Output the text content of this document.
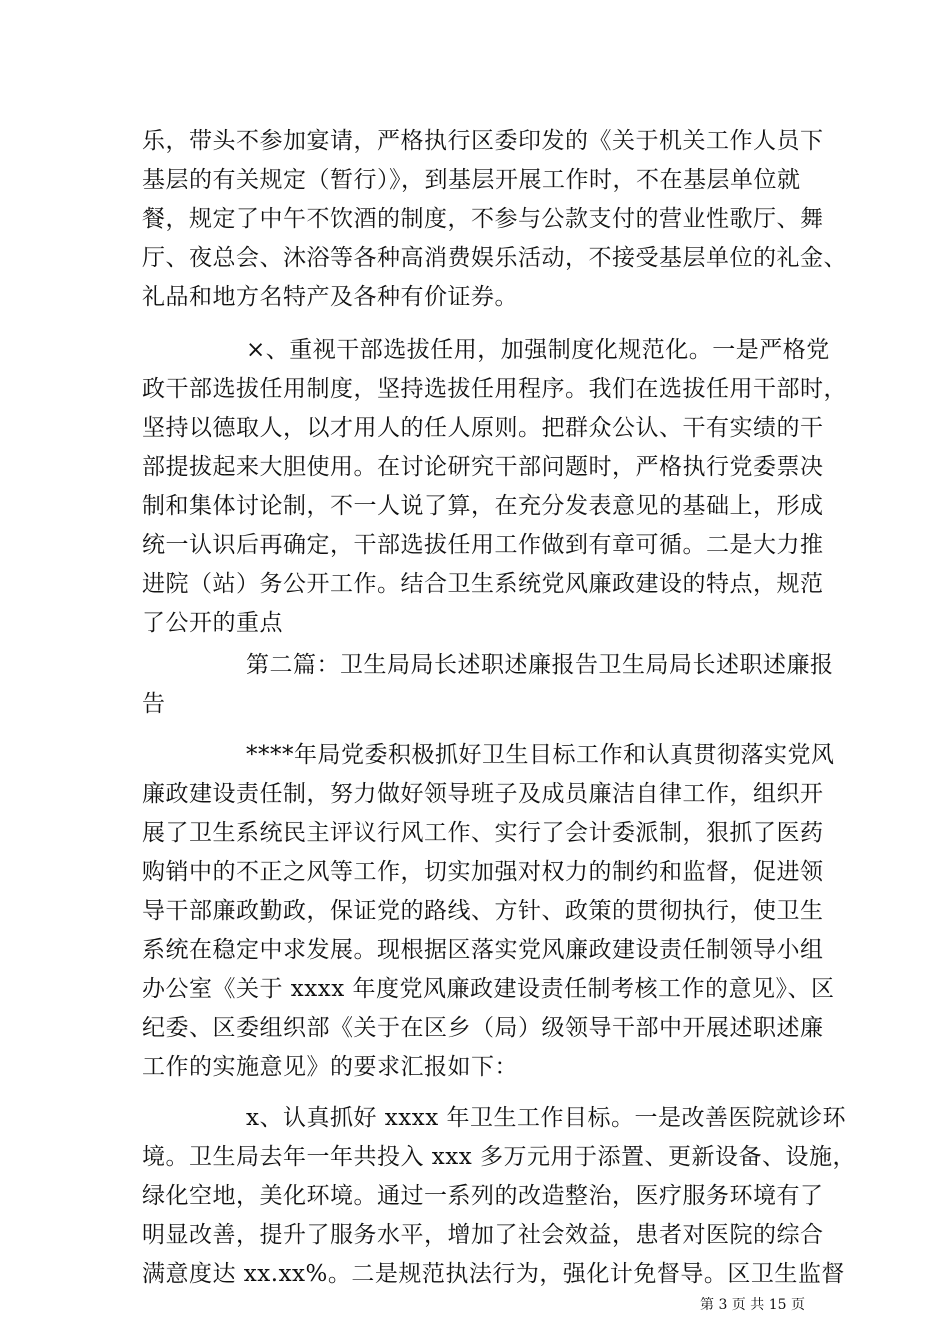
乐，带头不参加宴请，严格执行区委印发的《关于机关工作人员下
基层的有关规定（暂行）》，到基层开展工作时，不在基层单位就
餐，规定了中午不饮酒的制度，不参与公款支付的营业性歌厅、舞
厅、夜总会、沐浴等各种高消费娱乐活动，不接受基层单位的礼金、
礼品和地方名特产及各种有价证券。
×、重视干部选拔任用，加强制度化规范化。一是严格党
政干部选拔任用制度，坚持选拔任用程序。我们在选拔任用干部时，
坚持以德取人，以才用人的任人原则。把群众公认、干有实绩的干
部提拔起来大胆使用。在讨论研究干部问题时，严格执行党委票决
制和集体讨论制，不一人说了算，在充分发表意见的基础上，形成
统一认识后再确定，干部选拔任用工作做到有章可循。二是大力推
进院（站）务公开工作。结合卫生系统党风廉政建设的特点，规范
了公开的重点
第二篇：卫生局局长述职述廉报告卫生局局长述职述廉报
告
****年局党委积极抓好卫生目标工作和认真贯彻落实党风
廉政建设责任制，努力做好领导班子及成员廉洁自律工作，组织开
展了卫生系统民主评议行风工作、实行了会计委派制，狠抓了医药
购销中的不正之风等工作，切实加强对权力的制约和监督，促进领
导干部廉政勤政，保证党的路线、方针、政策的贯彻执行，使卫生
系统在稳定中求发展。现根据区落实党风廉政建设责任制领导小组
办公室《关于 xxxx 年度党风廉政建设责任制考核工作的意见》、区
纪委、区委组织部《关于在区乡（局）级领导干部中开展述职述廉
工作的实施意见》的要求汇报如下：
x、认真抓好 xxxx 年卫生工作目标。一是改善医院就诊环
境。卫生局去年一年共投入 xxx 多万元用于添置、更新设备、设施，
绿化空地，美化环境。通过一系列的改造整治，医疗服务环境有了
明显改善，提升了服务水平，增加了社会效益，患者对医院的综合
满意度达 xx.xx%。二是规范执法行为，强化计免督导。区卫生监督
第 3 页 共 15 页
